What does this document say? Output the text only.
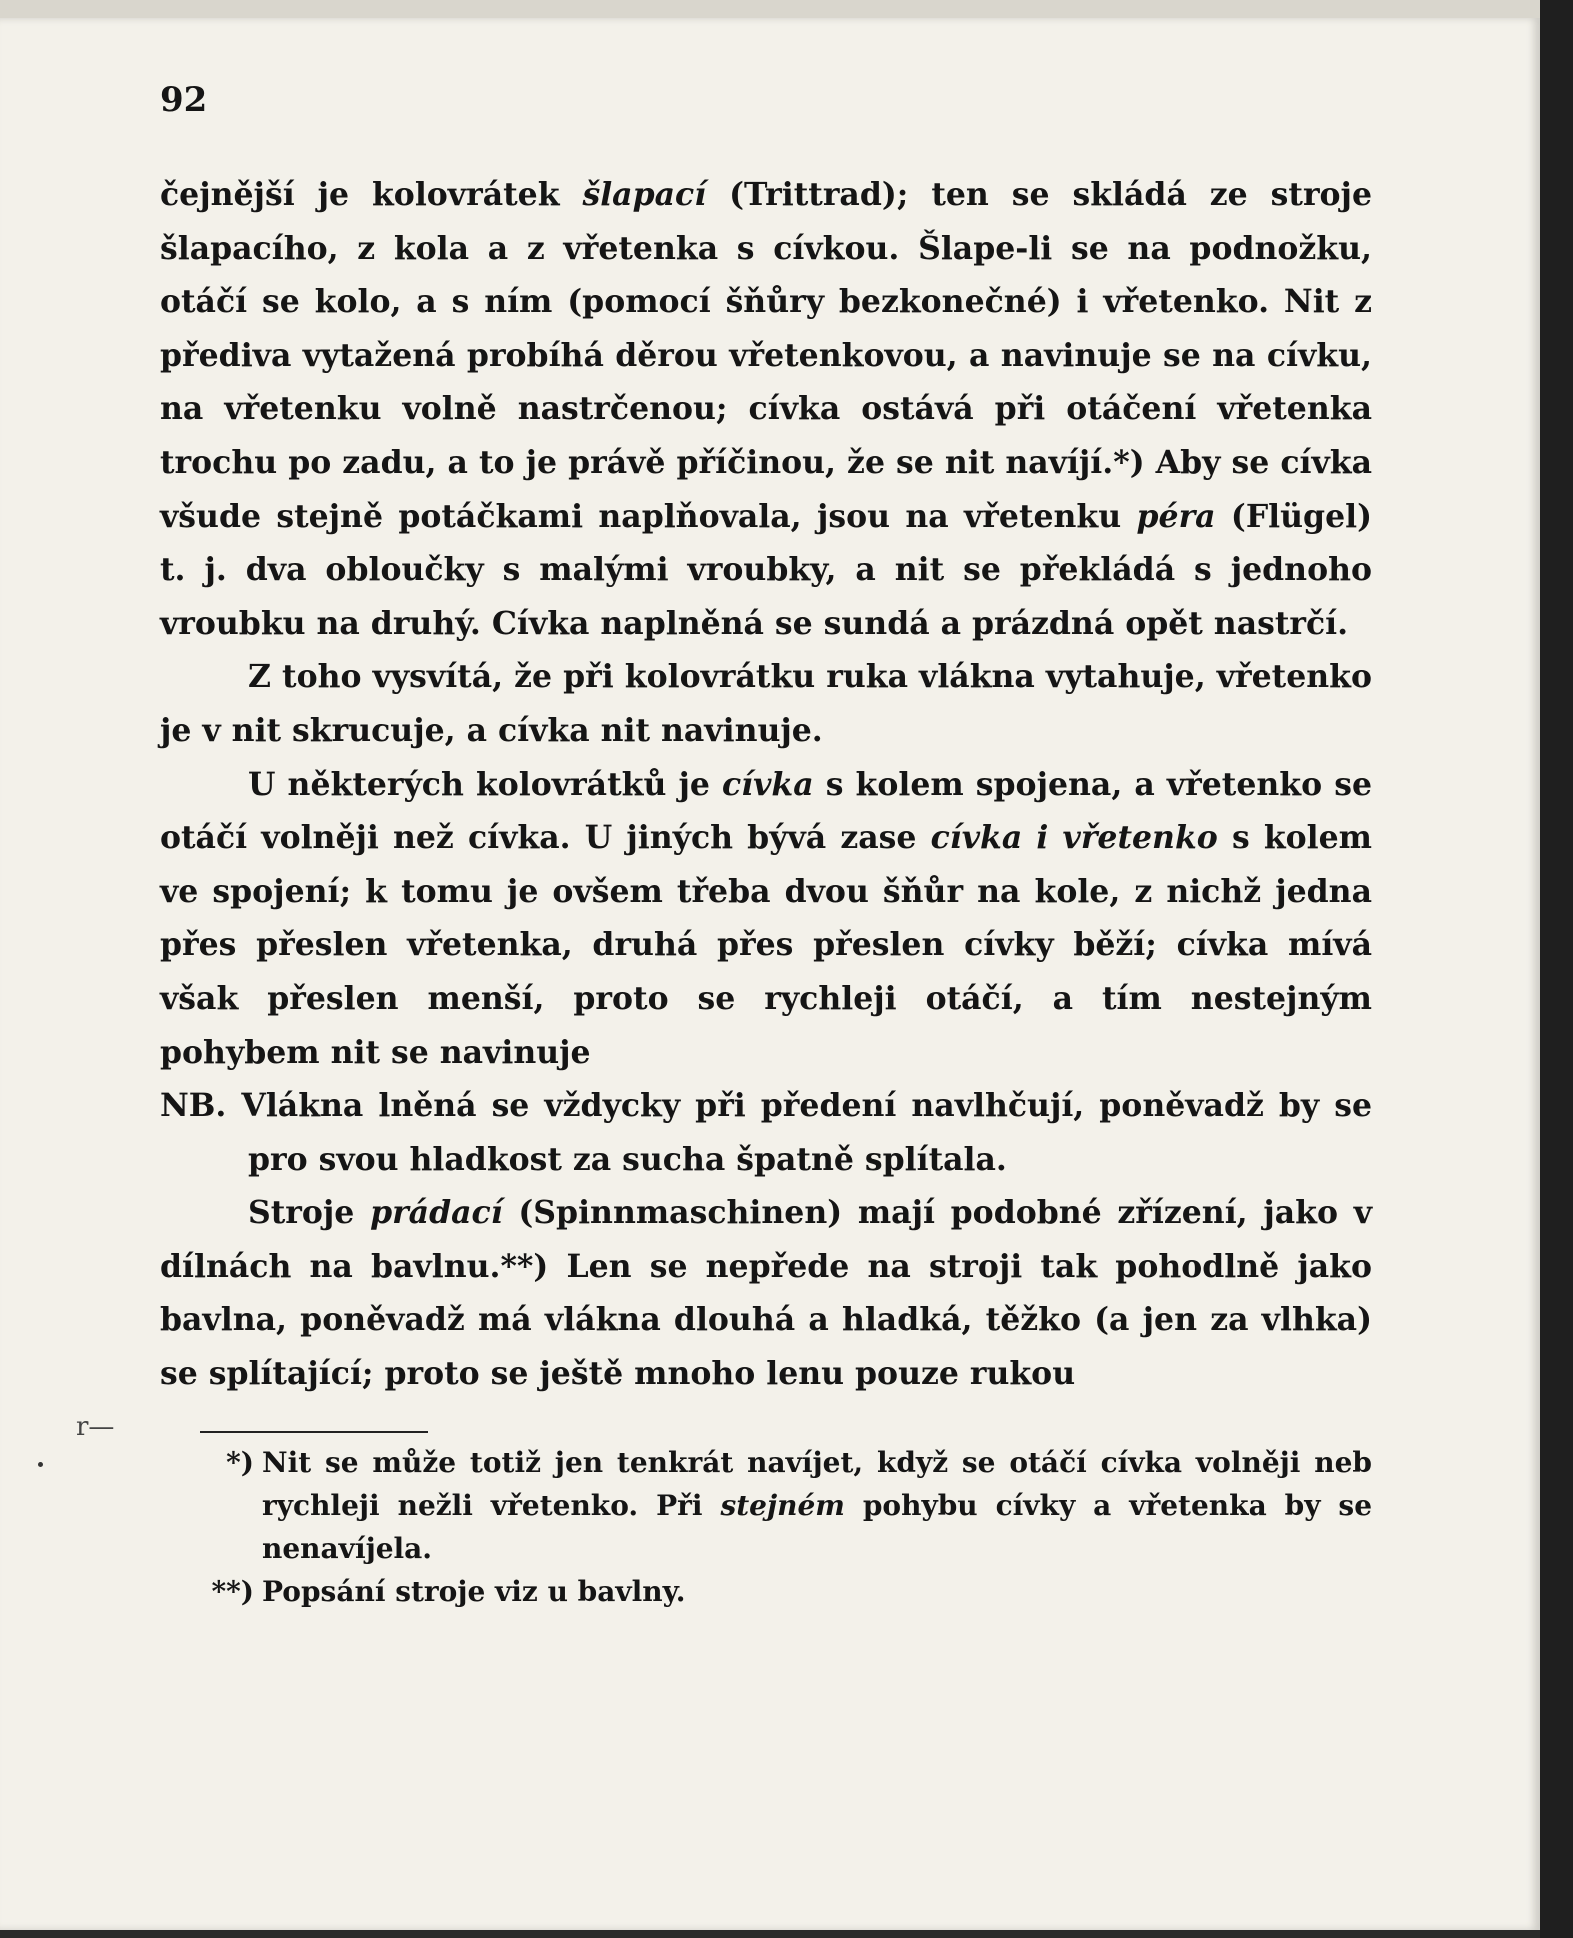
92

čejnější je kolovrátek šlapací (Trittrad); ten se skládá ze stroje šlapacího, z kola a z vřetenka s cívkou. Šlape-li se na podnožku, otáčí se kolo, a s ním (pomocí šňůry bezkonečné) i vřetenko. Nit z přediva vytažená probíhá děrou vřetenkovou, a navinuje se na cívku, na vřetenku volně nastrčenou; cívka ostává při otáčení vřetenka trochu po zadu, a to je právě příčinou, že se nit navíjí.*) Aby se cívka všude stejně potáčkami naplňovala, jsou na vřetenku péra (Flügel) t. j. dva obloučky s malými vroubky, a nit se překládá s jednoho vroubku na druhý. Cívka naplněná se sundá a prázdná opět nastrčí.

Z toho vysvítá, že při kolovrátku ruka vlákna vytahuje, vřetenko je v nit skrucuje, a cívka nit navinuje.

U některých kolovrátků je cívka s kolem spojena, a vřetenko se otáčí volněji než cívka. U jiných bývá zase cívka i vřetenko s kolem ve spojení; k tomu je ovšem třeba dvou šňůr na kole, z nichž jedna přes přeslen vřetenka, druhá přes přeslen cívky běží; cívka mívá však přeslen menší, proto se rychleji otáčí, a tím nestejným pohybem nit se navinuje

NB. Vlákna lněná se vždycky při předení navlhčují, poněvadž by se pro svou hladkost za sucha špatně splítala.

Stroje prádací (Spinnmaschinen) mají podobné zřízení, jako v dílnách na bavlnu.**) Len se nepřede na stroji tak pohodlně jako bavlna, poněvadž má vlákna dlouhá a hladká, těžko (a jen za vlhka) se splítající; proto se ještě mnoho lenu pouze rukou

*) Nit se může totiž jen tenkrát navíjet, když se otáčí cívka volněji neb rychleji nežli vřetenko. Při stejném pohybu cívky a vřetenka by se nenavíjela.
**) Popsání stroje viz u bavlny.
r—
